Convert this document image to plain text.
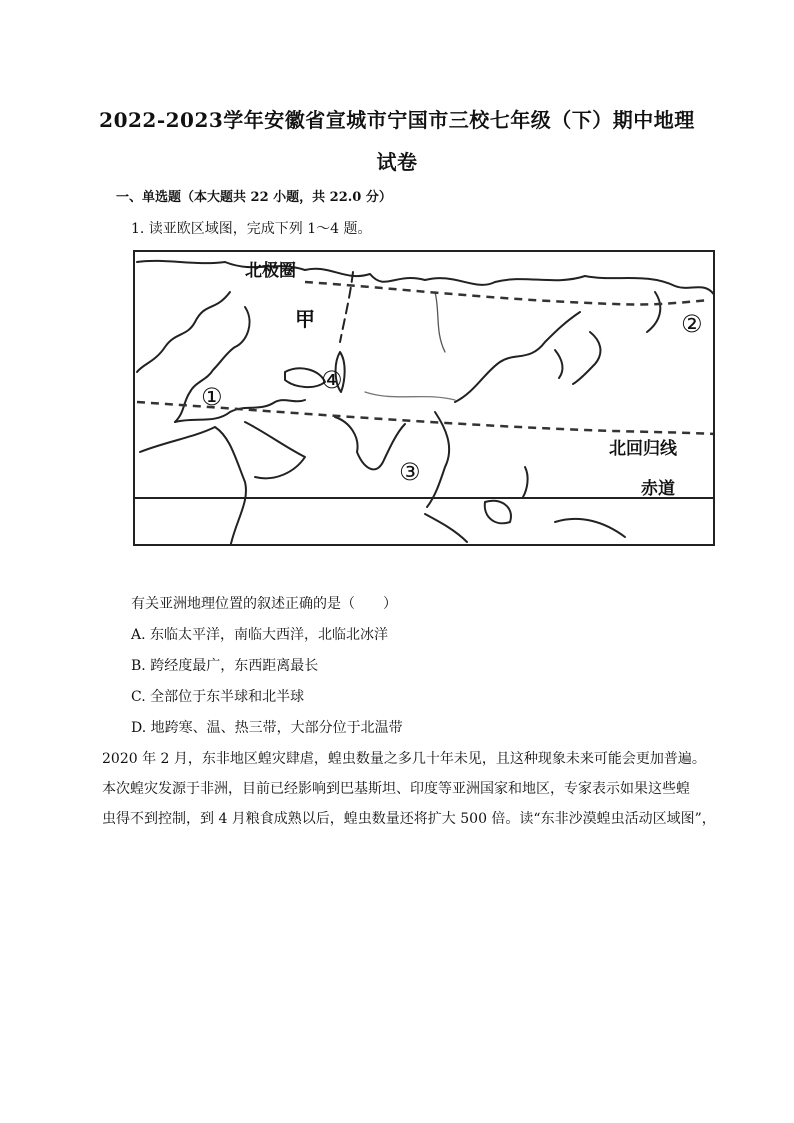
2022-2023学年安徽省宣城市宁国市三校七年级（下）期中地理
试卷
一、单选题（本大题共 22 小题，共 22.0 分）
1. 读亚欧区域图，完成下列 1～4 题。
北极圈
甲
北回归线
赤道
①
②
③
④
有关亚洲地理位置的叙述正确的是（　　）
A. 东临太平洋，南临大西洋，北临北冰洋
B. 跨经度最广，东西距离最长
C. 全部位于东半球和北半球
D. 地跨寒、温、热三带，大部分位于北温带

2020 年 2 月，东非地区蝗灾肆虐，蝗虫数量之多几十年未见，且这种现象未来可能会更加普遍。

本次蝗灾发源于非洲，目前已经影响到巴基斯坦、印度等亚洲国家和地区，专家表示如果这些蝗

虫得不到控制，到 4 月粮食成熟以后，蝗虫数量还将扩大 500 倍。读“东非沙漠蝗虫活动区域图”，
